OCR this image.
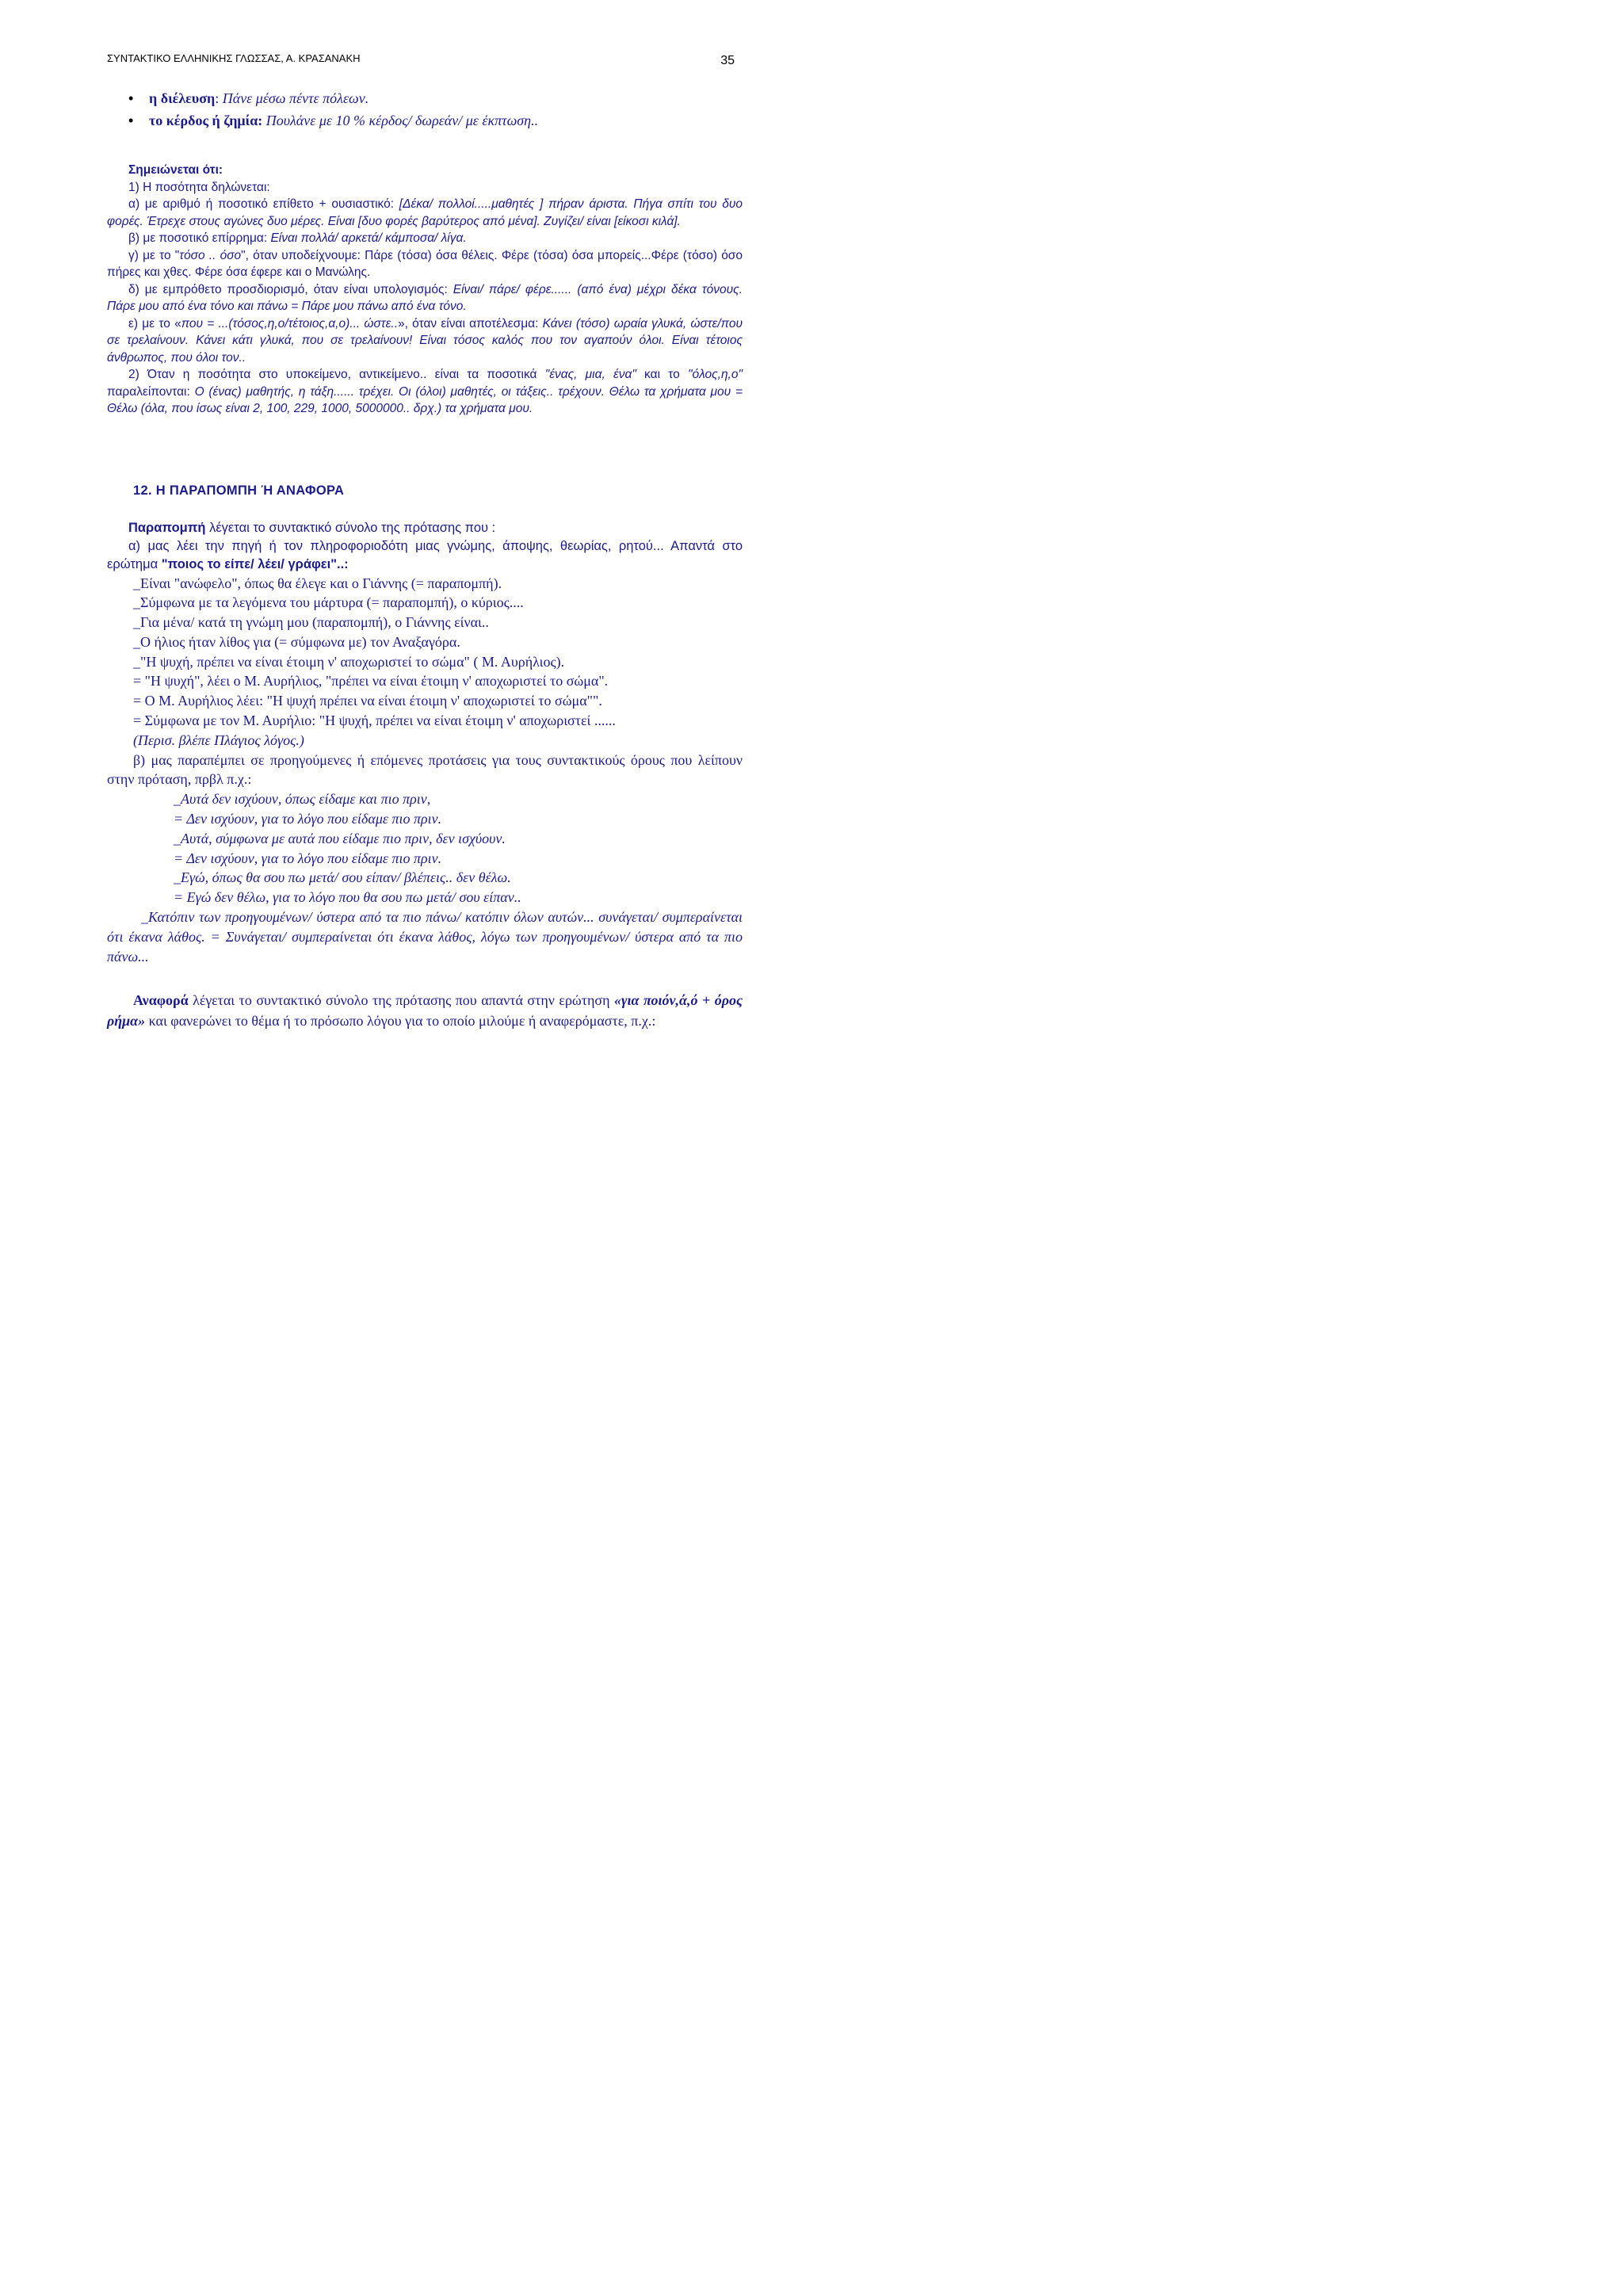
ΣΥΝΤΑΚΤΙΚΟ ΕΛΛΗΝΙΚΗΣ ΓΛΩΣΣΑΣ, Α. ΚΡΑΣΑΝΑΚΗ	35
• η διέλευση: Πάνε μέσω πέντε πόλεων.
• το κέρδος ή ζημία: Πουλάνε με 10 % κέρδος/ δωρεάν/ με έκπτωση..

Σημειώνεται ότι:

1) Η ποσότητα δηλώνεται:

α) με αριθμό ή ποσοτικό επίθετο + ουσιαστικό: [Δέκα/ πολλοί.....μαθητές ] πήραν άριστα. Πήγα σπίτι του δυο φορές. Έτρεχε στους αγώνες δυο μέρες. Είναι [δυο φορές βαρύτερος από μένα]. Ζυγίζει/ είναι [είκοσι κιλά].

β) με ποσοτικό επίρρημα: Είναι πολλά/ αρκετά/ κάμποσα/ λίγα.

γ) με το "τόσο .. όσο", όταν υποδείχνουμε: Πάρε (τόσα) όσα θέλεις. Φέρε (τόσα) όσα μπορείς...Φέρε (τόσο) όσο πήρες και χθες. Φέρε όσα έφερε και ο Μανώλης.

δ) με εμπρόθετο προσδιορισμό, όταν είναι υπολογισμός: Είναι/ πάρε/ φέρε...... (από ένα) μέχρι δέκα τόνους. Πάρε μου από ένα τόνο και πάνω = Πάρε μου πάνω από ένα τόνο.

ε) με το «που = ...(τόσος,η,ο/τέτοιος,α,ο)... ώστε..», όταν είναι αποτέλεσμα: Κάνει (τόσο) ωραία γλυκά, ώστε/που σε τρελαίνουν. Κάνει κάτι γλυκά, που σε τρελαίνουν! Είναι τόσος καλός που τον αγαπούν όλοι. Είναι τέτοιος άνθρωπος, που όλοι τον..

2) Όταν η ποσότητα στο υποκείμενο, αντικείμενο.. είναι τα ποσοτικά "ένας, μια, ένα" και το "όλος,η,ο" παραλείπονται: Ο (ένας) μαθητής, η τάξη...... τρέχει. Οι (όλοι) μαθητές, οι τάξεις.. τρέχουν. Θέλω τα χρήματα μου = Θέλω (όλα, που ίσως είναι 2, 100, 229, 1000, 5000000.. δρχ.) τα χρήματα μου.

12. Η ΠΑΡΑΠΟΜΠΗ Ή ΑΝΑΦΟΡΑ

Παραπομπή λέγεται το συντακτικό σύνολο της πρότασης που :

α) μας λέει την πηγή ή τον πληροφοριοδότη μιας γνώμης, άποψης, θεωρίας, ρητού... Απαντά στο ερώτημα "ποιος το είπε/ λέει/ γράφει"..:

_Είναι "ανώφελο", όπως θα έλεγε και ο Γιάννης (= παραπομπή).

_Σύμφωνα με τα λεγόμενα του μάρτυρα (= παραπομπή), ο κύριος....

_Για μένα/ κατά τη γνώμη μου (παραπομπή), ο Γιάννης είναι..

_Ο ήλιος ήταν λίθος για (= σύμφωνα με) τον Αναξαγόρα.

_"Η ψυχή, πρέπει να είναι έτοιμη ν' αποχωριστεί το σώμα" ( Μ. Αυρήλιος).

= "Η ψυχή", λέει ο Μ. Αυρήλιος, "πρέπει να είναι έτοιμη ν' αποχωριστεί το σώμα".

= Ο Μ. Αυρήλιος λέει: "Η ψυχή πρέπει να είναι έτοιμη ν' αποχωριστεί το σώμα"".

= Σύμφωνα με τον Μ. Αυρήλιο: "Η ψυχή, πρέπει να είναι έτοιμη ν' αποχωριστεί ......

(Περισ. βλέπε Πλάγιος λόγος.)

β) μας παραπέμπει σε προηγούμενες ή επόμενες προτάσεις για τους συντακτικούς όρους που λείπουν στην πρόταση, πρβλ π.χ.:

_Αυτά δεν ισχύουν, όπως είδαμε και πιο πριν,

= Δεν ισχύουν, για το λόγο που είδαμε πιο πριν.

_Αυτά, σύμφωνα με αυτά που είδαμε πιο πριν, δεν ισχύουν.

= Δεν ισχύουν, για το λόγο που είδαμε πιο πριν.

_Εγώ, όπως θα σου πω μετά/ σου είπαν/ βλέπεις.. δεν θέλω.

= Εγώ δεν θέλω, για το λόγο που θα σου πω μετά/ σου είπαν..

_Κατόπιν των προηγουμένων/ ύστερα από τα πιο πάνω/ κατόπιν όλων αυτών... συνάγεται/ συμπεραίνεται ότι έκανα λάθος. = Συνάγεται/ συμπεραίνεται ότι έκανα λάθος, λόγω των προηγουμένων/ ύστερα από τα πιο πάνω...

Αναφορά λέγεται το συντακτικό σύνολο της πρότασης που απαντά στην ερώτηση «για ποιόν,ά,ό + όρος ρήμα» και φανερώνει το θέμα ή το πρόσωπο λόγου για το οποίο μιλούμε ή αναφερόμαστε, π.χ.:
